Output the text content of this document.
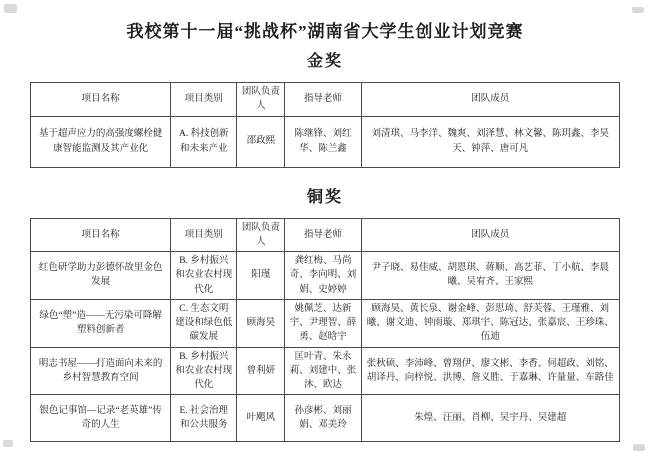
我校第十一届“挑战杯”湖南省大学生创业计划竞赛
金奖
项目名称	项目类别	团队负责人	指导老师	团队成员
基于超声应力的高强度螺栓健康智能监测及其产业化	A. 科技创新和未来产业	邵政熙	陈继锋、刘红华、陈兰鑫	刘清琪、马李洋、魏爽、刘泽慧、林文馨、陈玥鑫、李昊天、钟萍、唐可凡
铜奖
项目名称	项目类别	团队负责人	指导老师	团队成员
红色研学助力彭德怀故里金色发展	B. 乡村振兴和农业农村现代化	阳瑾	龚红梅、马尚奇、李向明、刘娟、史婷婷	尹子晓、易佳威、胡恩琪、蒋顺、高艺菲、丁小航、李晨曦、吴宥齐、王家熙
绿色“塑”造——无污染可降解塑料创新者	C. 生态文明建设和绿色低碳发展	顾海昊	姚佩芝、达新宇、尹理智、薛勇、赵晗宇	顾海昊、黄长泉、谢金峰、彭思琦、舒芙蓉、王瑾雅、刘曦、谢文迪、钟雨璇、郑琪宇、陈冠达、张嘉宸、王珍珠、伍迪
明志书屋——打造面向未来的乡村智慧教育空间	B. 乡村振兴和农业农村现代化	曾利妍	匡叶青、朱永莉、刘建中、张沐、欧达	张秋硕、李沛峰、曾翔伊、廖文彬、李香、何超政、刘铭、胡译丹、向梓悦、洪博、詹义胜、于嘉琳、许量量、车路佳
银色记事馆—记录“老英雄”传奇的人生	E. 社会治理和公共服务	叶飓风	孙彦彬、刘丽娟、邓美玲	朱煌、汪丽、肖柳、吴宇丹、吴建超
